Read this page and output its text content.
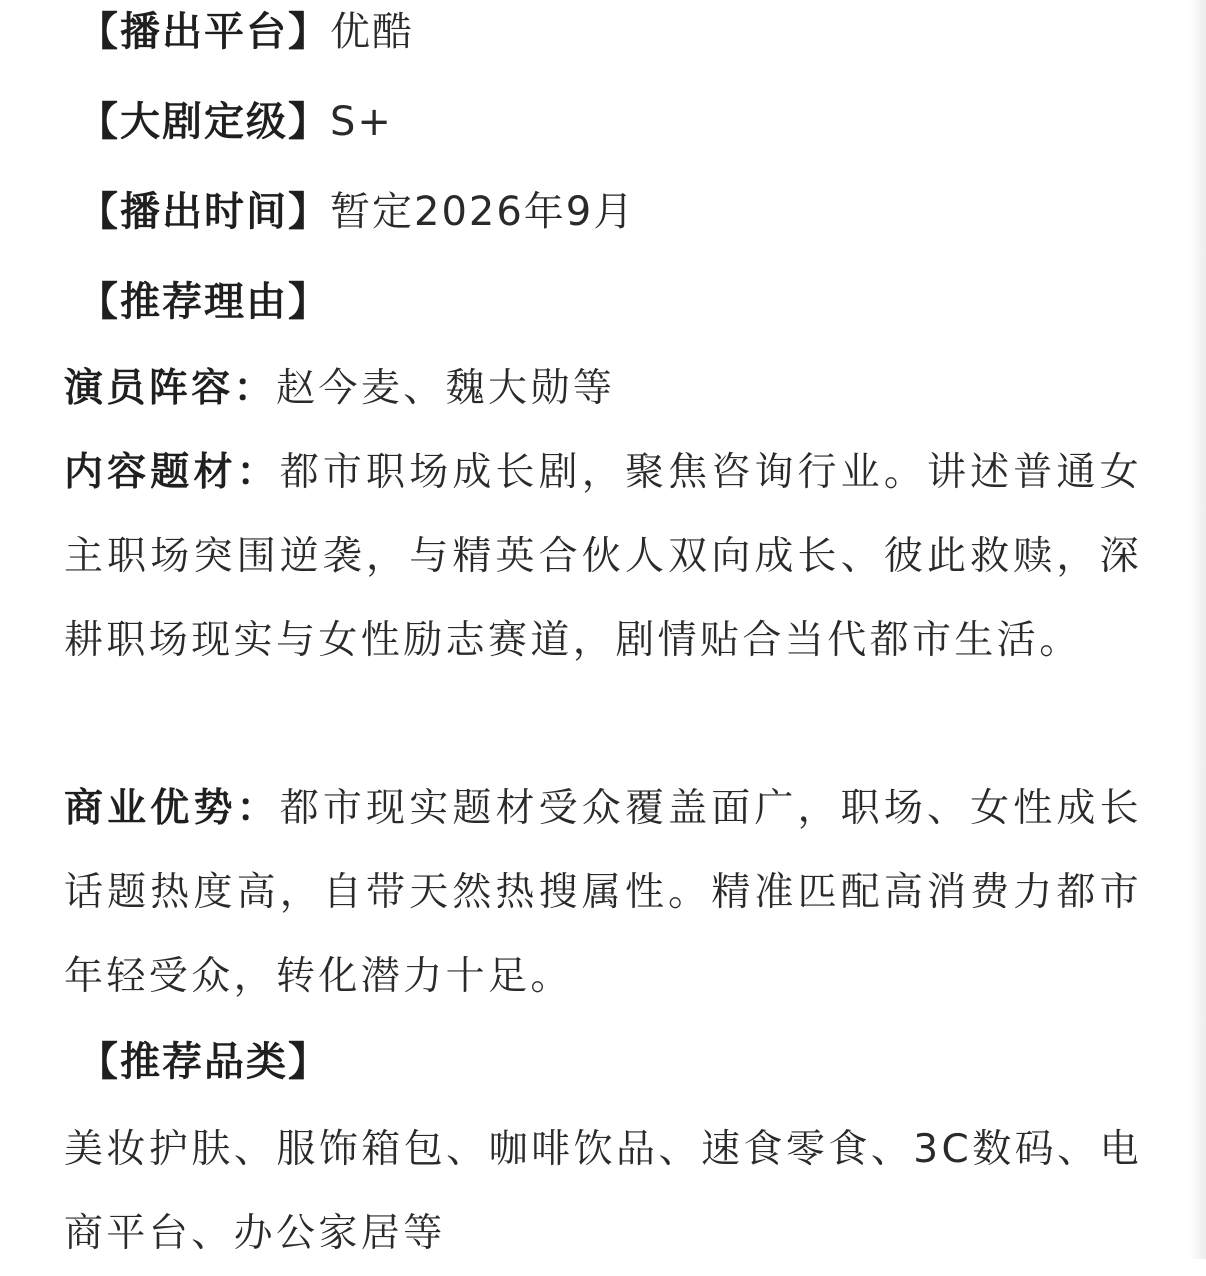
【播出平台】优酷
【大剧定级】S+
【播出时间】暂定2026年9月
【推荐理由】
演员阵容：赵今麦、魏大勋等
内容题材：都市职场成长剧，聚焦咨询行业。讲述普通女主职场突围逆袭，与精英合伙人双向成长、彼此救赎，深耕职场现实与女性励志赛道，剧情贴合当代都市生活。
商业优势：都市现实题材受众覆盖面广，职场、女性成长话题热度高，自带天然热搜属性。精准匹配高消费力都市年轻受众，转化潜力十足。
【推荐品类】
美妆护肤、服饰箱包、咖啡饮品、速食零食、3C数码、电商平台、办公家居等
